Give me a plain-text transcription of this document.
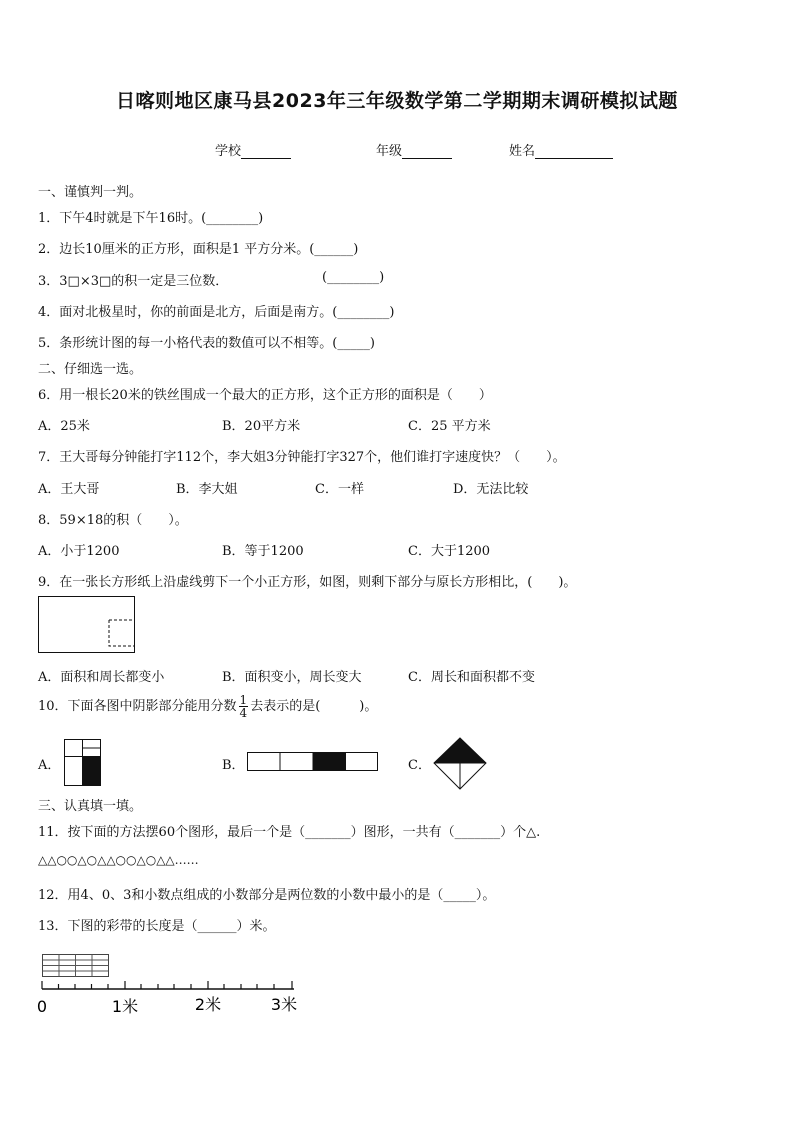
日喀则地区康马县2023年三年级数学第二学期期末调研模拟试题
学校	年级	姓名
一、谨慎判一判。
1．下午4时就是下午16时。(________)
2．边长10厘米的正方形，面积是1 平方分米。(______)
3．3□×3□的积一定是三位数．	(________)
4．面对北极星时，你的前面是北方，后面是南方。(________)
5．条形统计图的每一小格代表的数值可以不相等。(_____)
二、仔细选一选。
6．用一根长20米的铁丝围成一个最大的正方形，这个正方形的面积是（　　）
A．25米	B．20平方米	C．25 平方米
7．王大哥每分钟能打字112个，李大姐3分钟能打字327个，他们谁打字速度快？（　　）。
A．王大哥	B．李大姐	C．一样	D．无法比较
8．59×18的积（　　）。
A．小于1200	B．等于1200	C．大于1200
9．在一张长方形纸上沿虚线剪下一个小正方形，如图，则剩下部分与原长方形相比，(　　)。
A．面积和周长都变小	B．面积变小，周长变大	C．周长和面积都不变
10．下面各图中阴影部分能用分数 $\frac{1}{4}$ 去表示的是(　　　)。
A．	B．	C．
三、认真填一填。
11．按下面的方法摆60个图形，最后一个是（_______）图形，一共有（_______）个△.
△△○○△○△△○○△○△△……
12．用4、0、3和小数点组成的小数部分是两位数的小数中最小的是（_____）。
13．下图的彩带的长度是（______）米。
0	1米	2米	3米
